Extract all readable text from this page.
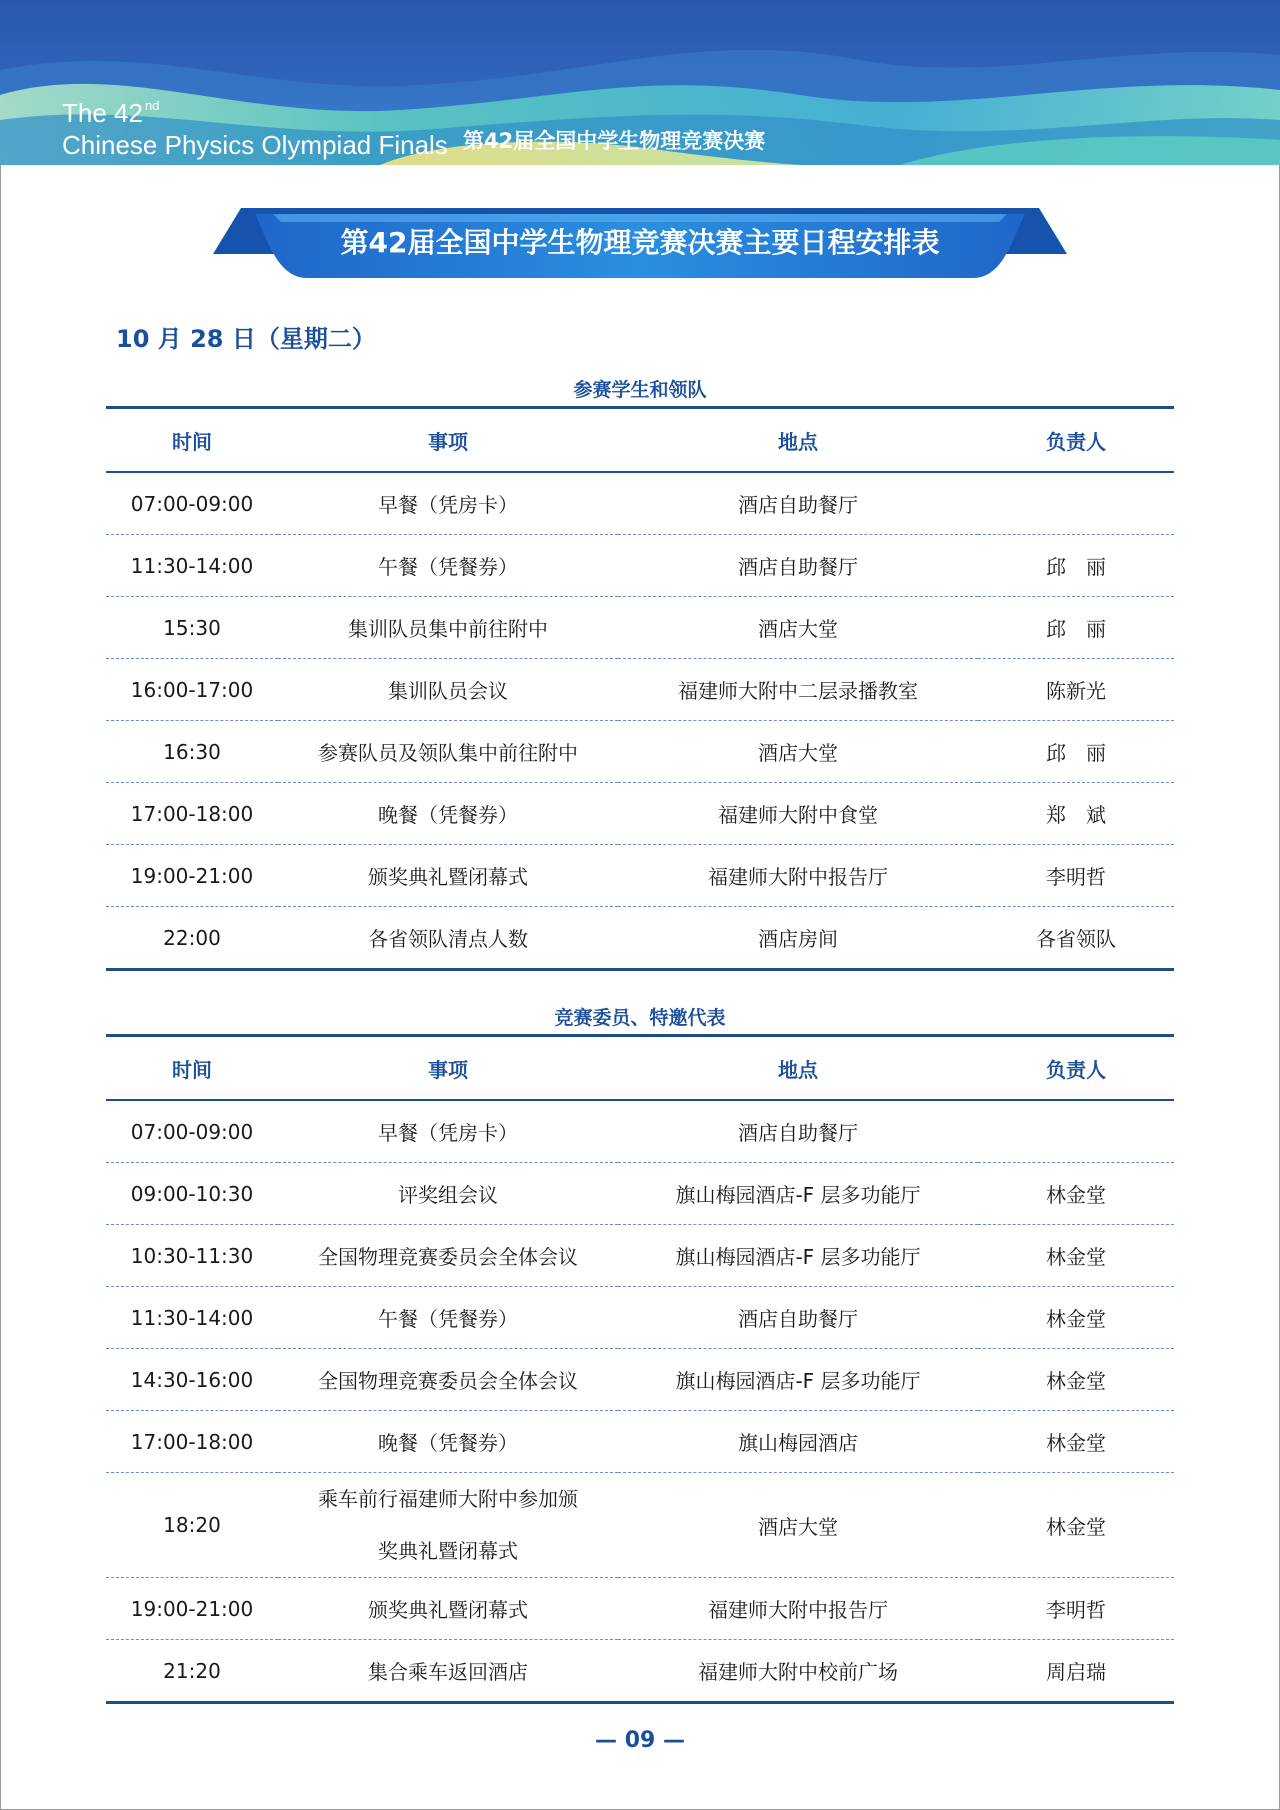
The 42 $^{nd}$
Chinese Physics Olympiad Finals 第42届全国中学生物理竞赛决赛
第42届全国中学生物理竞赛决赛主要日程安排表
10 月 28 日（星期二）
参赛学生和领队
时间	事项	地点	负责人
07:00-09:00	早餐（凭房卡）	酒店自助餐厅	
11:30-14:00	午餐（凭餐券）	酒店自助餐厅	邱　丽
15:30	集训队员集中前往附中	酒店大堂	邱　丽
16:00-17:00	集训队员会议	福建师大附中二层录播教室	陈新光
16:30	参赛队员及领队集中前往附中	酒店大堂	邱　丽
17:00-18:00	晚餐（凭餐券）	福建师大附中食堂	郑　斌
19:00-21:00	颁奖典礼暨闭幕式	福建师大附中报告厅	李明哲
22:00	各省领队清点人数	酒店房间	各省领队
竞赛委员、特邀代表
时间	事项	地点	负责人
07:00-09:00	早餐（凭房卡）	酒店自助餐厅	
09:00-10:30	评奖组会议	旗山梅园酒店-F 层多功能厅	林金堂
10:30-11:30	全国物理竞赛委员会全体会议	旗山梅园酒店-F 层多功能厅	林金堂
11:30-14:00	午餐（凭餐券）	酒店自助餐厅	林金堂
14:30-16:00	全国物理竞赛委员会全体会议	旗山梅园酒店-F 层多功能厅	林金堂
17:00-18:00	晚餐（凭餐券）	旗山梅园酒店	林金堂
18:20	乘车前行福建师大附中参加颁奖典礼暨闭幕式	酒店大堂	林金堂
19:00-21:00	颁奖典礼暨闭幕式	福建师大附中报告厅	李明哲
21:20	集合乘车返回酒店	福建师大附中校前广场	周启瑞
— 09 —
